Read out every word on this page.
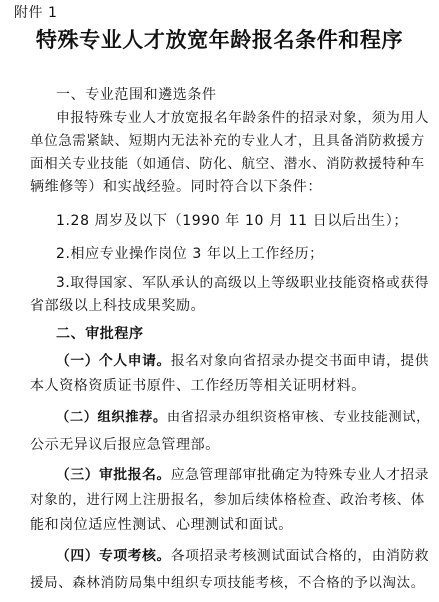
附件 1
特殊专业人才放宽年龄报名条件和程序
一、专业范围和遴选条件
申报特殊专业人才放宽报名年龄条件的招录对象，须为用人
单位急需紧缺、短期内无法补充的专业人才，且具备消防救援方
面相关专业技能（如通信、防化、航空、潜水、消防救援特种车
辆维修等）和实战经验。同时符合以下条件：
1.28 周岁及以下（1990 年 10 月 11 日以后出生）；
2.相应专业操作岗位 3 年以上工作经历；
3.取得国家、军队承认的高级以上等级职业技能资格或获得
省部级以上科技成果奖励。
二、审批程序
（一）个人申请。报名对象向省招录办提交书面申请，提供
本人资格资质证书原件、工作经历等相关证明材料。
（二）组织推荐。由省招录办组织资格审核、专业技能测试，
公示无异议后报应急管理部。
（三）审批报名。应急管理部审批确定为特殊专业人才招录
对象的，进行网上注册报名，参加后续体格检查、政治考核、体
能和岗位适应性测试、心理测试和面试。
（四）专项考核。各项招录考核测试面试合格的，由消防救
援局、森林消防局集中组织专项技能考核，不合格的予以淘汰。
